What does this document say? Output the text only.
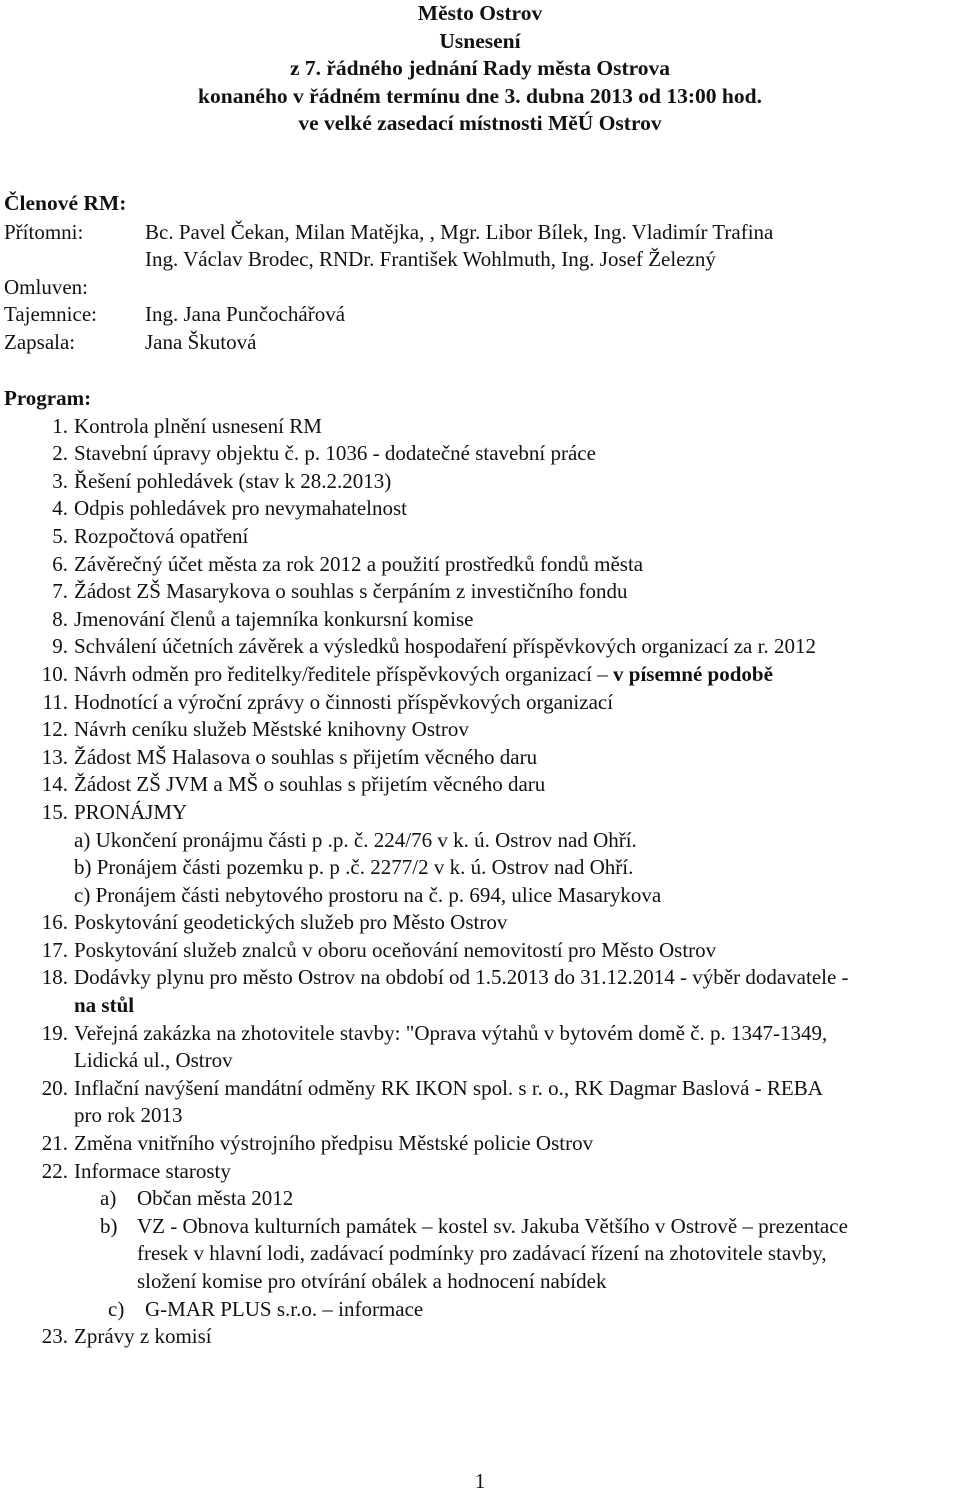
Město Ostrov
Usnesení
z 7. řádného jednání Rady města Ostrova
konaného v řádném termínu dne 3. dubna 2013 od 13:00 hod.
ve velké zasedací místnosti MěÚ Ostrov
Členové RM:
Přítomni:	Bc. Pavel Čekan, Milan Matějka, , Mgr. Libor Bílek, Ing. Vladimír Trafina
Ing. Václav Brodec, RNDr. František Wohlmuth, Ing. Josef Železný
Omluven:
Tajemnice: Ing. Jana Punčochářová
Zapsala:	Jana Škutová
Program:
1. Kontrola plnění usnesení RM
2. Stavební úpravy objektu č. p. 1036 - dodatečné stavební práce
3. Řešení pohledávek (stav k 28.2.2013)
4. Odpis pohledávek pro nevymahatelnost
5. Rozpočtová opatření
6. Závěrečný účet města za rok 2012 a použití prostředků fondů města
7. Žádost ZŠ Masarykova o souhlas s čerpáním z investičního fondu
8. Jmenování členů a tajemníka konkursní komise
9. Schválení účetních závěrek a výsledků hospodaření příspěvkových organizací za r. 2012
10. Návrh odměn pro ředitelky/ředitele příspěvkových organizací – v písemné podobě
11. Hodnotící a výroční zprávy o činnosti příspěvkových organizací
12. Návrh ceníku služeb Městské knihovny Ostrov
13. Žádost MŠ Halasova o souhlas s přijetím věcného daru
14. Žádost ZŠ JVM a MŠ o souhlas s přijetím věcného daru
15. PRONÁJMY
a) Ukončení pronájmu části p .p. č. 224/76 v k. ú. Ostrov nad Ohří.
b) Pronájem části pozemku p. p .č. 2277/2 v k. ú. Ostrov nad Ohří.
c) Pronájem části nebytového prostoru na č. p. 694, ulice Masarykova
16. Poskytování geodetických služeb pro Město Ostrov
17. Poskytování služeb znalců v oboru oceňování nemovitostí pro Město Ostrov
18. Dodávky plynu pro město Ostrov na období od 1.5.2013 do 31.12.2014 - výběr dodavatele -
na stůl
19. Veřejná zakázka na zhotovitele stavby: "Oprava výtahů v bytovém domě č. p. 1347-1349,
Lidická ul., Ostrov
20. Inflační navýšení mandátní odměny RK IKON spol. s r. o., RK Dagmar Baslová - REBA
pro rok 2013
21. Změna vnitřního výstrojního předpisu Městské policie Ostrov
22. Informace starosty
a) Občan města 2012
b) VZ - Obnova kulturních památek – kostel sv. Jakuba Většího v Ostrově – prezentace
fresek v hlavní lodi, zadávací podmínky pro zadávací řízení na zhotovitele stavby,
složení komise pro otvírání obálek a hodnocení nabídek
c) G-MAR PLUS s.r.o. – informace
23. Zprávy z komisí
1
